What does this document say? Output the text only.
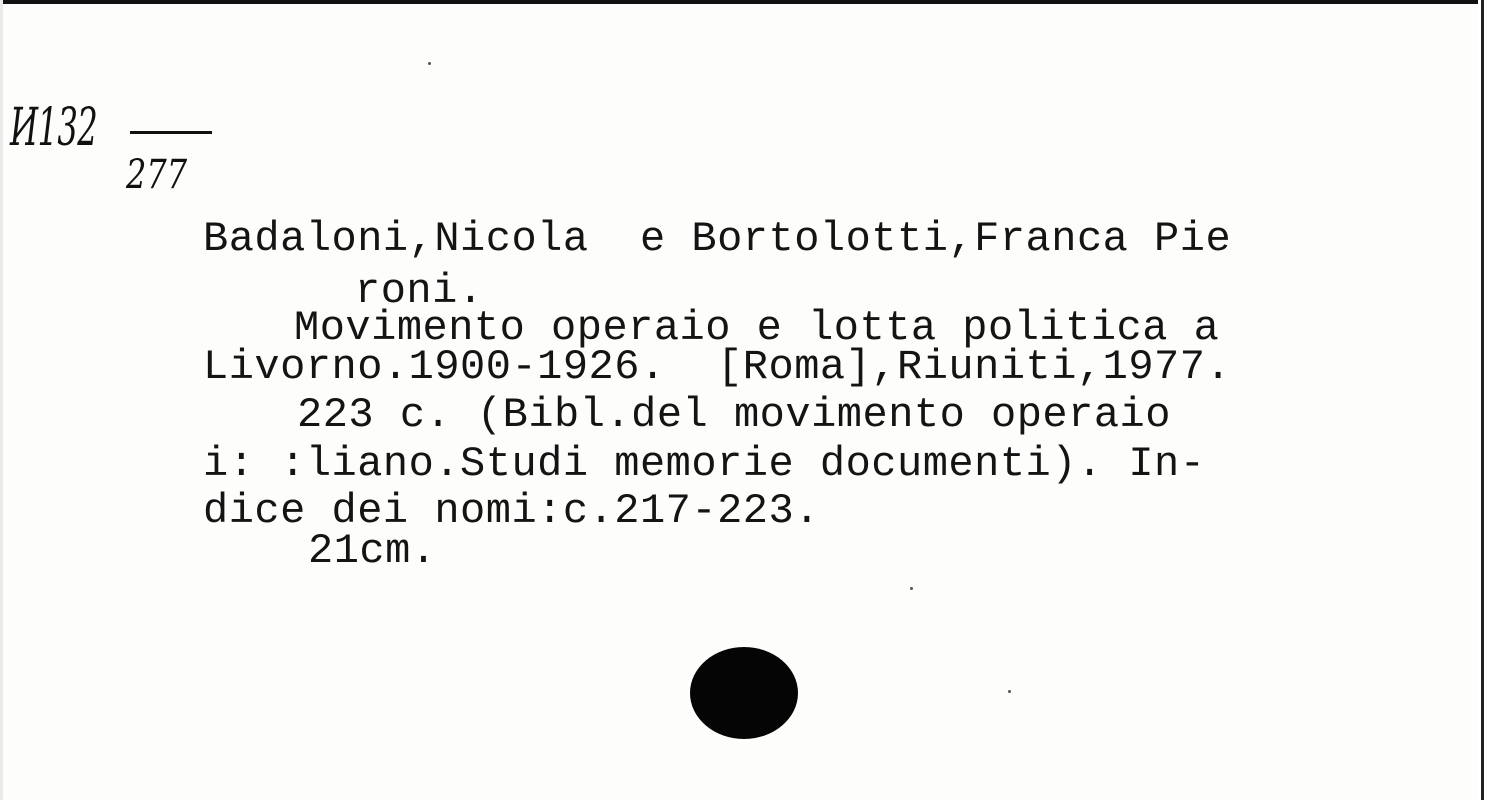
И132
277
Badaloni,Nicola  e Bortolotti,Franca Pie
roni.
Movimento operaio e lotta politica a
Livorno.1900-1926.  [Roma],Riuniti,1977.
223 c. (Bibl.del movimento operaio
i: :liano.Studi memorie documenti). In-
dice dei nomi:c.217-223.
21cm.
